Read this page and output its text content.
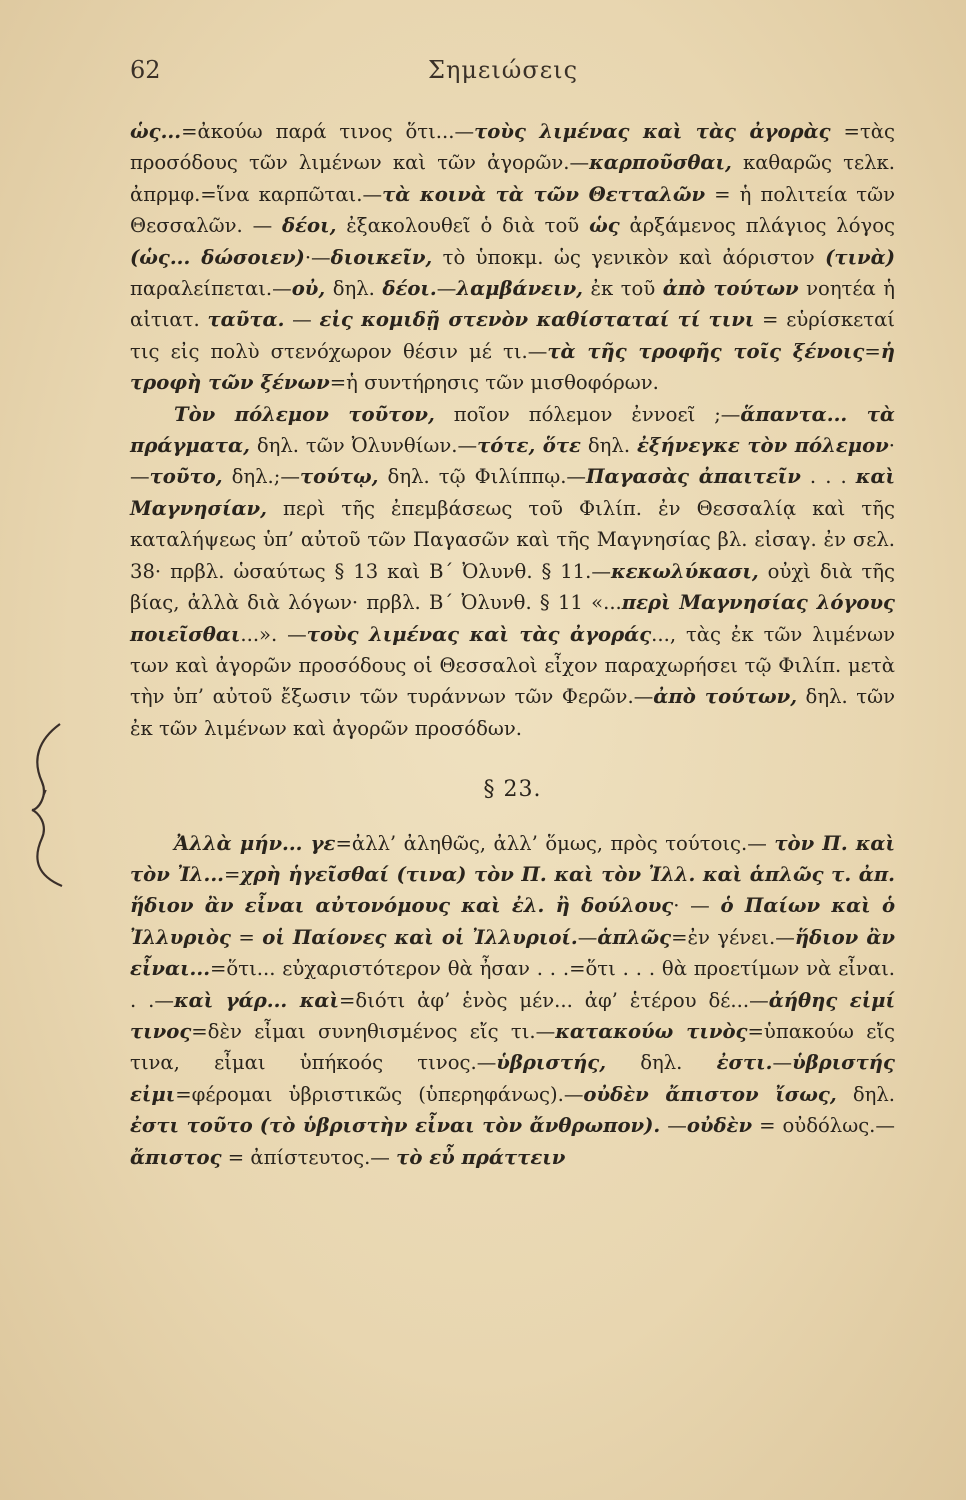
62	Σημειώσεις

ὡς...=ἀκούω παρά τινος ὅτι...—τοὺς λιμένας καὶ τὰς ἀγορὰς =τὰς προσόδους τῶν λιμένων καὶ τῶν ἀγορῶν.—καρποῦσθαι, καθαρῶς τελκ. ἀπρμφ.=ἵνα καρπῶται.—τὰ κοινὰ τὰ τῶν Θετταλῶν = ἡ πολιτεία τῶν Θεσσαλῶν. — δέοι, ἐξακολουθεῖ ὁ διὰ τοῦ ὡς ἀρξάμενος πλάγιος λόγος (ὡς... δώσοιεν)·—διοικεῖν, τὸ ὑποκμ. ὡς γενικὸν καὶ ἀόριστον (τινὰ) παραλείπεται.—οὐ, δηλ. δέοι.—λαμβάνειν, ἐκ τοῦ ἀπὸ τούτων νοητέα ἡ αἰτιατ. ταῦτα. — εἰς κομιδῇ στενὸν καθίσταταί τί τινι = εὑρίσκεταί τις εἰς πολὺ στενόχωρον θέσιν μέ τι.—τὰ τῆς τροφῆς τοῖς ξένοις=ἡ τροφὴ τῶν ξένων=ἡ συντήρησις τῶν μισθοφόρων.

Τὸν πόλεμον τοῦτον, ποῖον πόλεμον ἐννοεῖ ;—ἅπαντα... τὰ πράγματα, δηλ. τῶν Ὀλυνθίων.—τότε, ὅτε δηλ. ἐξήνεγκε τὸν πόλεμον·—τοῦτο, δηλ.;—τούτῳ, δηλ. τῷ Φιλίππῳ.—Παγασὰς ἀπαιτεῖν . . . καὶ Μαγνησίαν, περὶ τῆς ἐπεμβάσεως τοῦ Φιλίπ. ἐν Θεσσαλίᾳ καὶ τῆς καταλήψεως ὑπ’ αὐτοῦ τῶν Παγασῶν καὶ τῆς Μαγνησίας βλ. εἰσαγ. ἐν σελ. 38· πρβλ. ὡσαύτως § 13 καὶ Β´ Ὀλυνθ. § 11.—κεκωλύκασι, οὐχὶ διὰ τῆς βίας, ἀλλὰ διὰ λόγων· πρβλ. Β´ Ὀλυνθ. § 11 «...περὶ Μαγνησίας λόγους ποιεῖσθαι...». —τοὺς λιμένας καὶ τὰς ἀγοράς..., τὰς ἐκ τῶν λιμένων των καὶ ἀγορῶν προσόδους οἱ Θεσσαλοὶ εἶχον παραχωρήσει τῷ Φιλίπ. μετὰ τὴν ὑπ’ αὐτοῦ ἔξωσιν τῶν τυράννων τῶν Φερῶν.—ἀπὸ τούτων, δηλ. τῶν ἐκ τῶν λιμένων καὶ ἀγορῶν προσόδων.

§ 23.

Ἀλλὰ μήν... γε=ἀλλ’ ἀληθῶς, ἀλλ’ ὅμως, πρὸς τούτοις.— τὸν Π. καὶ τὸν Ἰλ...=χρὴ ἡγεῖσθαί (τινα) τὸν Π. καὶ τὸν Ἰλλ. καὶ ἁπλῶς τ. ἀπ. ἥδιον ἂν εἶναι αὐτονόμους καὶ ἐλ. ἢ δούλους· — ὁ Παίων καὶ ὁ Ἰλλυριὸς = οἱ Παίονες καὶ οἱ Ἰλλυριοί.—ἁπλῶς=ἐν γένει.—ἥδιον ἂν εἶναι...=ὅτι... εὐχαριστότερον θὰ ἦσαν . . .=ὅτι . . . θὰ προετίμων νὰ εἶναι. . .—καὶ γάρ... καὶ=διότι ἀφ’ ἑνὸς μέν... ἀφ’ ἑτέρου δέ...—ἀήθης εἰμί τινος=δὲν εἶμαι συνηθισμένος εἴς τι.—κατακούω τινὸς=ὑπακούω εἴς τινα, εἶμαι ὑπήκοός τινος.—ὑβριστής, δηλ. ἐστι.—ὑβριστής εἰμι=φέρομαι ὑβριστικῶς (ὑπερηφάνως).—οὐδὲν ἄπιστον ἴσως, δηλ. ἐστι τοῦτο (τὸ ὑβριστὴν εἶναι τὸν ἄνθρωπον). —οὐδὲν = οὐδόλως.—ἄπιστος = ἀπίστευτος.— τὸ εὖ πράττειν
